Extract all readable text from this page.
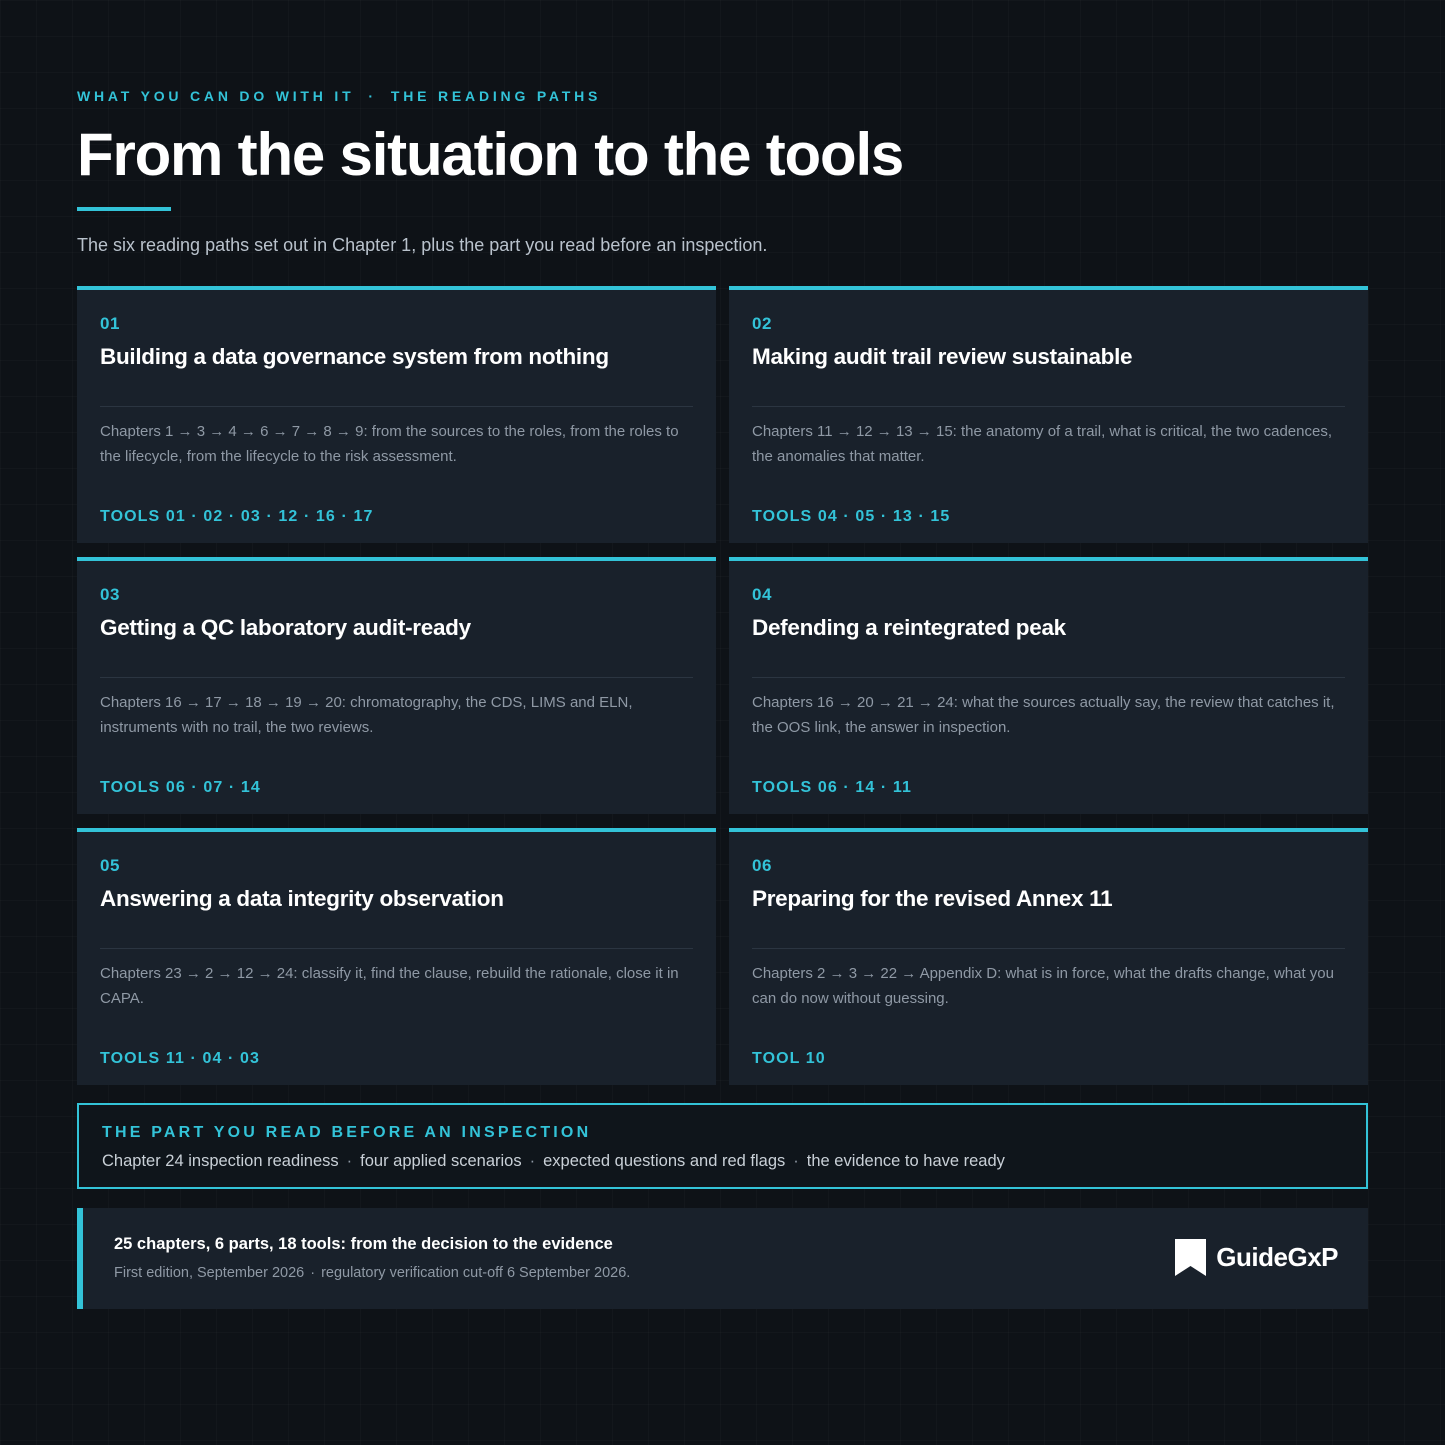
WHAT YOU CAN DO WITH IT · THE READING PATHS
From the situation to the tools

The six reading paths set out in Chapter 1, plus the part you read before an inspection.

01
Building a data governance system from nothing
Chapters 1 → 3 → 4 → 6 → 7 → 8 → 9: from the sources to the roles, from the roles to the lifecycle, from the lifecycle to the risk assessment.
TOOLS 01 · 02 · 03 · 12 · 16 · 17
02
Making audit trail review sustainable
Chapters 11 → 12 → 13 → 15: the anatomy of a trail, what is critical, the two cadences, the anomalies that matter.
TOOLS 04 · 05 · 13 · 15
03
Getting a QC laboratory audit-ready
Chapters 16 → 17 → 18 → 19 → 20: chromatography, the CDS, LIMS and ELN, instruments with no trail, the two reviews.
TOOLS 06 · 07 · 14
04
Defending a reintegrated peak
Chapters 16 → 20 → 21 → 24: what the sources actually say, the review that catches it, the OOS link, the answer in inspection.
TOOLS 06 · 14 · 11
05
Answering a data integrity observation
Chapters 23 → 2 → 12 → 24: classify it, find the clause, rebuild the rationale, close it in CAPA.
TOOLS 11 · 04 · 03
06
Preparing for the revised Annex 11
Chapters 2 → 3 → 22 → Appendix D: what is in force, what the drafts change, what you can do now without guessing.
TOOL 10
THE PART YOU READ BEFORE AN INSPECTION
Chapter 24 inspection readiness · four applied scenarios · expected questions and red flags · the evidence to have ready
25 chapters, 6 parts, 18 tools: from the decision to the evidence
First edition, September 2026 · regulatory verification cut-off 6 September 2026.
GuideGxP
